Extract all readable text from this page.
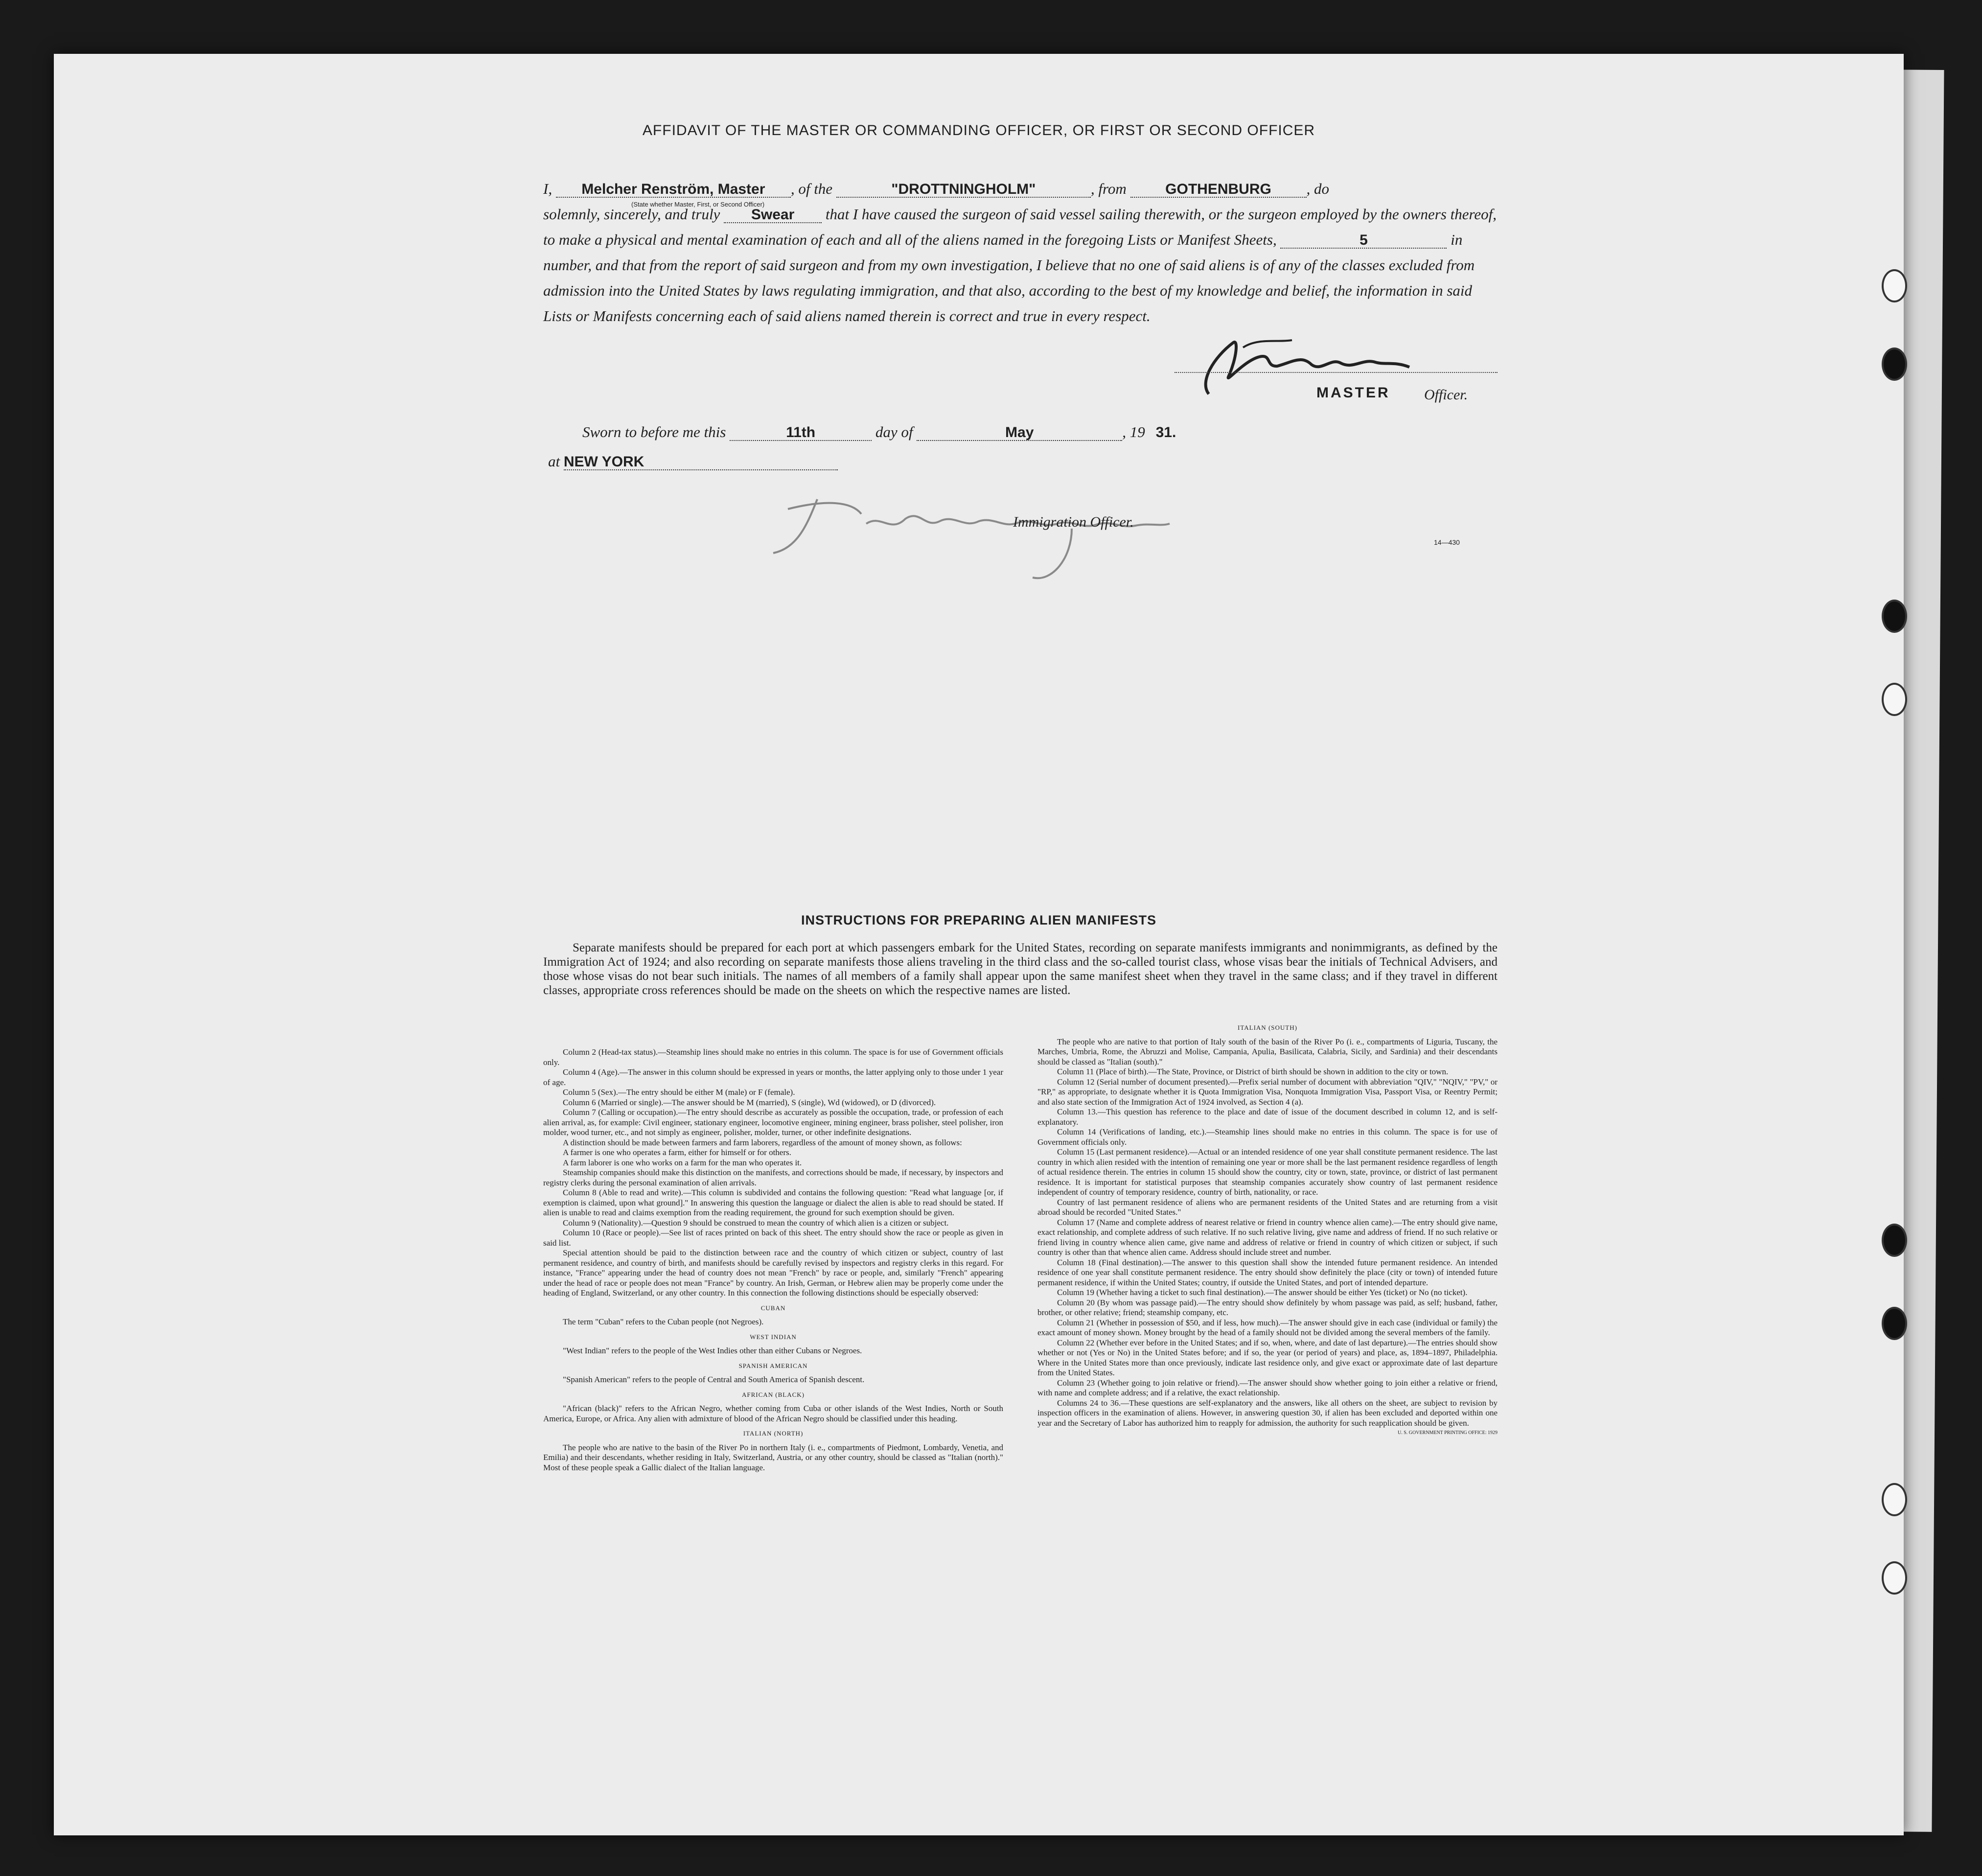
AFFIDAVIT OF THE MASTER OR COMMANDING OFFICER, OR FIRST OR SECOND OFFICER
I, Melcher Renström, Master , of the	"DROTTNINGHOLM"	, from	GOTHENBURG , do
solemnly, sincerely, and truly Swear that I have caused the surgeon of said vessel sailing therewith, or the surgeon employed by the owners thereof, to make a physical and mental examination of each and all of the aliens named in the foregoing Lists or Manifest Sheets,	5	in number, and that from the report of said surgeon and from my own investigation, I believe that no one of said aliens is of any of the classes excluded from admission into the United States by laws regulating immigration, and that also, according to the best of my knowledge and belief, the information in said Lists or Manifests concerning each of said aliens named therein is correct and true in every respect.
(State whether Master, First, or Second Officer)
MASTER Officer.
Sworn to before me this	11th	day of	May	, 19 31.
at NEW YORK
Immigration Officer.
14—430
INSTRUCTIONS FOR PREPARING ALIEN MANIFESTS
Separate manifests should be prepared for each port at which passengers embark for the United States, recording on separate manifests immigrants and nonimmigrants, as defined by the Immigration Act of 1924; and also recording on separate manifests those aliens traveling in the third class and the so-called tourist class, whose visas bear the initials of Technical Advisers, and those whose visas do not bear such initials. The names of all members of a family shall appear upon the same manifest sheet when they travel in the same class; and if they travel in different classes, appropriate cross references should be made on the sheets on which the respective names are listed.

Column 2 (Head-tax status).—Steamship lines should make no entries in this column. The space is for use of Government officials only.

Column 4 (Age).—The answer in this column should be expressed in years or months, the latter applying only to those under 1 year of age.

Column 5 (Sex).—The entry should be either M (male) or F (female).

Column 6 (Married or single).—The answer should be M (married), S (single), Wd (widowed), or D (divorced).

Column 7 (Calling or occupation).—The entry should describe as accurately as possible the occupation, trade, or profession of each alien arrival, as, for example: Civil engineer, stationary engineer, locomotive engineer, mining engineer, brass polisher, steel polisher, iron molder, wood turner, etc., and not simply as engineer, polisher, molder, turner, or other indefinite designations.

A distinction should be made between farmers and farm laborers, regardless of the amount of money shown, as follows:

A farmer is one who operates a farm, either for himself or for others.

A farm laborer is one who works on a farm for the man who operates it.

Steamship companies should make this distinction on the manifests, and corrections should be made, if necessary, by inspectors and registry clerks during the personal examination of alien arrivals.

Column 8 (Able to read and write).—This column is subdivided and contains the following question: "Read what language [or, if exemption is claimed, upon what ground]." In answering this question the language or dialect the alien is able to read should be stated. If alien is unable to read and claims exemption from the reading requirement, the ground for such exemption should be given.

Column 9 (Nationality).—Question 9 should be construed to mean the country of which alien is a citizen or subject.

Column 10 (Race or people).—See list of races printed on back of this sheet. The entry should show the race or people as given in said list.

Special attention should be paid to the distinction between race and the country of which citizen or subject, country of last permanent residence, and country of birth, and manifests should be carefully revised by inspectors and registry clerks in this regard. For instance, "France" appearing under the head of country does not mean "French" by race or people, and, similarly "French" appearing under the head of race or people does not mean "France" by country. An Irish, German, or Hebrew alien may be properly come under the heading of England, Switzerland, or any other country. In this connection the following distinctions should be especially observed:

CUBAN

The term "Cuban" refers to the Cuban people (not Negroes).

WEST INDIAN

"West Indian" refers to the people of the West Indies other than either Cubans or Negroes.

SPANISH AMERICAN

"Spanish American" refers to the people of Central and South America of Spanish descent.

AFRICAN (BLACK)

"African (black)" refers to the African Negro, whether coming from Cuba or other islands of the West Indies, North or South America, Europe, or Africa. Any alien with admixture of blood of the African Negro should be classified under this heading.

ITALIAN (NORTH)

The people who are native to the basin of the River Po in northern Italy (i. e., compartments of Piedmont, Lombardy, Venetia, and Emilia) and their descendants, whether residing in Italy, Switzerland, Austria, or any other country, should be classed as "Italian (north)." Most of these people speak a Gallic dialect of the Italian language.

ITALIAN (SOUTH)

The people who are native to that portion of Italy south of the basin of the River Po (i. e., compartments of Liguria, Tuscany, the Marches, Umbria, Rome, the Abruzzi and Molise, Campania, Apulia, Basilicata, Calabria, Sicily, and Sardinia) and their descendants should be classed as "Italian (south)."

Column 11 (Place of birth).—The State, Province, or District of birth should be shown in addition to the city or town.

Column 12 (Serial number of document presented).—Prefix serial number of document with abbreviation "QIV," "NQIV," "PV," or "RP," as appropriate, to designate whether it is Quota Immigration Visa, Nonquota Immigration Visa, Passport Visa, or Reentry Permit; and also state section of the Immigration Act of 1924 involved, as Section 4 (a).

Column 13.—This question has reference to the place and date of issue of the document described in column 12, and is self-explanatory.

Column 14 (Verifications of landing, etc.).—Steamship lines should make no entries in this column. The space is for use of Government officials only.

Column 15 (Last permanent residence).—Actual or an intended residence of one year shall constitute permanent residence. The last country in which alien resided with the intention of remaining one year or more shall be the last permanent residence regardless of length of actual residence therein. The entries in column 15 should show the country, city or town, state, province, or district of last permanent residence. It is important for statistical purposes that steamship companies accurately show country of last permanent residence independent of country of temporary residence, country of birth, nationality, or race.

Country of last permanent residence of aliens who are permanent residents of the United States and are returning from a visit abroad should be recorded "United States."

Column 17 (Name and complete address of nearest relative or friend in country whence alien came).—The entry should give name, exact relationship, and complete address of such relative. If no such relative living, give name and address of friend. If no such relative or friend living in country whence alien came, give name and address of relative or friend in country of which citizen or subject, if such country is other than that whence alien came. Address should include street and number.

Column 18 (Final destination).—The answer to this question shall show the intended future permanent residence. An intended residence of one year shall constitute permanent residence. The entry should show definitely the place (city or town) of intended future permanent residence, if within the United States; country, if outside the United States, and port of intended departure.

Column 19 (Whether having a ticket to such final destination).—The answer should be either Yes (ticket) or No (no ticket).

Column 20 (By whom was passage paid).—The entry should show definitely by whom passage was paid, as self; husband, father, brother, or other relative; friend; steamship company, etc.

Column 21 (Whether in possession of $50, and if less, how much).—The answer should give in each case (individual or family) the exact amount of money shown. Money brought by the head of a family should not be divided among the several members of the family.

Column 22 (Whether ever before in the United States; and if so, when, where, and date of last departure).—The entries should show whether or not (Yes or No) in the United States before; and if so, the year (or period of years) and place, as, 1894–1897, Philadelphia. Where in the United States more than once previously, indicate last residence only, and give exact or approximate date of last departure from the United States.

Column 23 (Whether going to join relative or friend).—The answer should show whether going to join either a relative or friend, with name and complete address; and if a relative, the exact relationship.

Columns 24 to 36.—These questions are self-explanatory and the answers, like all others on the sheet, are subject to revision by inspection officers in the examination of aliens. However, in answering question 30, if alien has been excluded and deported within one year and the Secretary of Labor has authorized him to reapply for admission, the authority for such reapplication should be given.

U. S. GOVERNMENT PRINTING OFFICE: 1929
